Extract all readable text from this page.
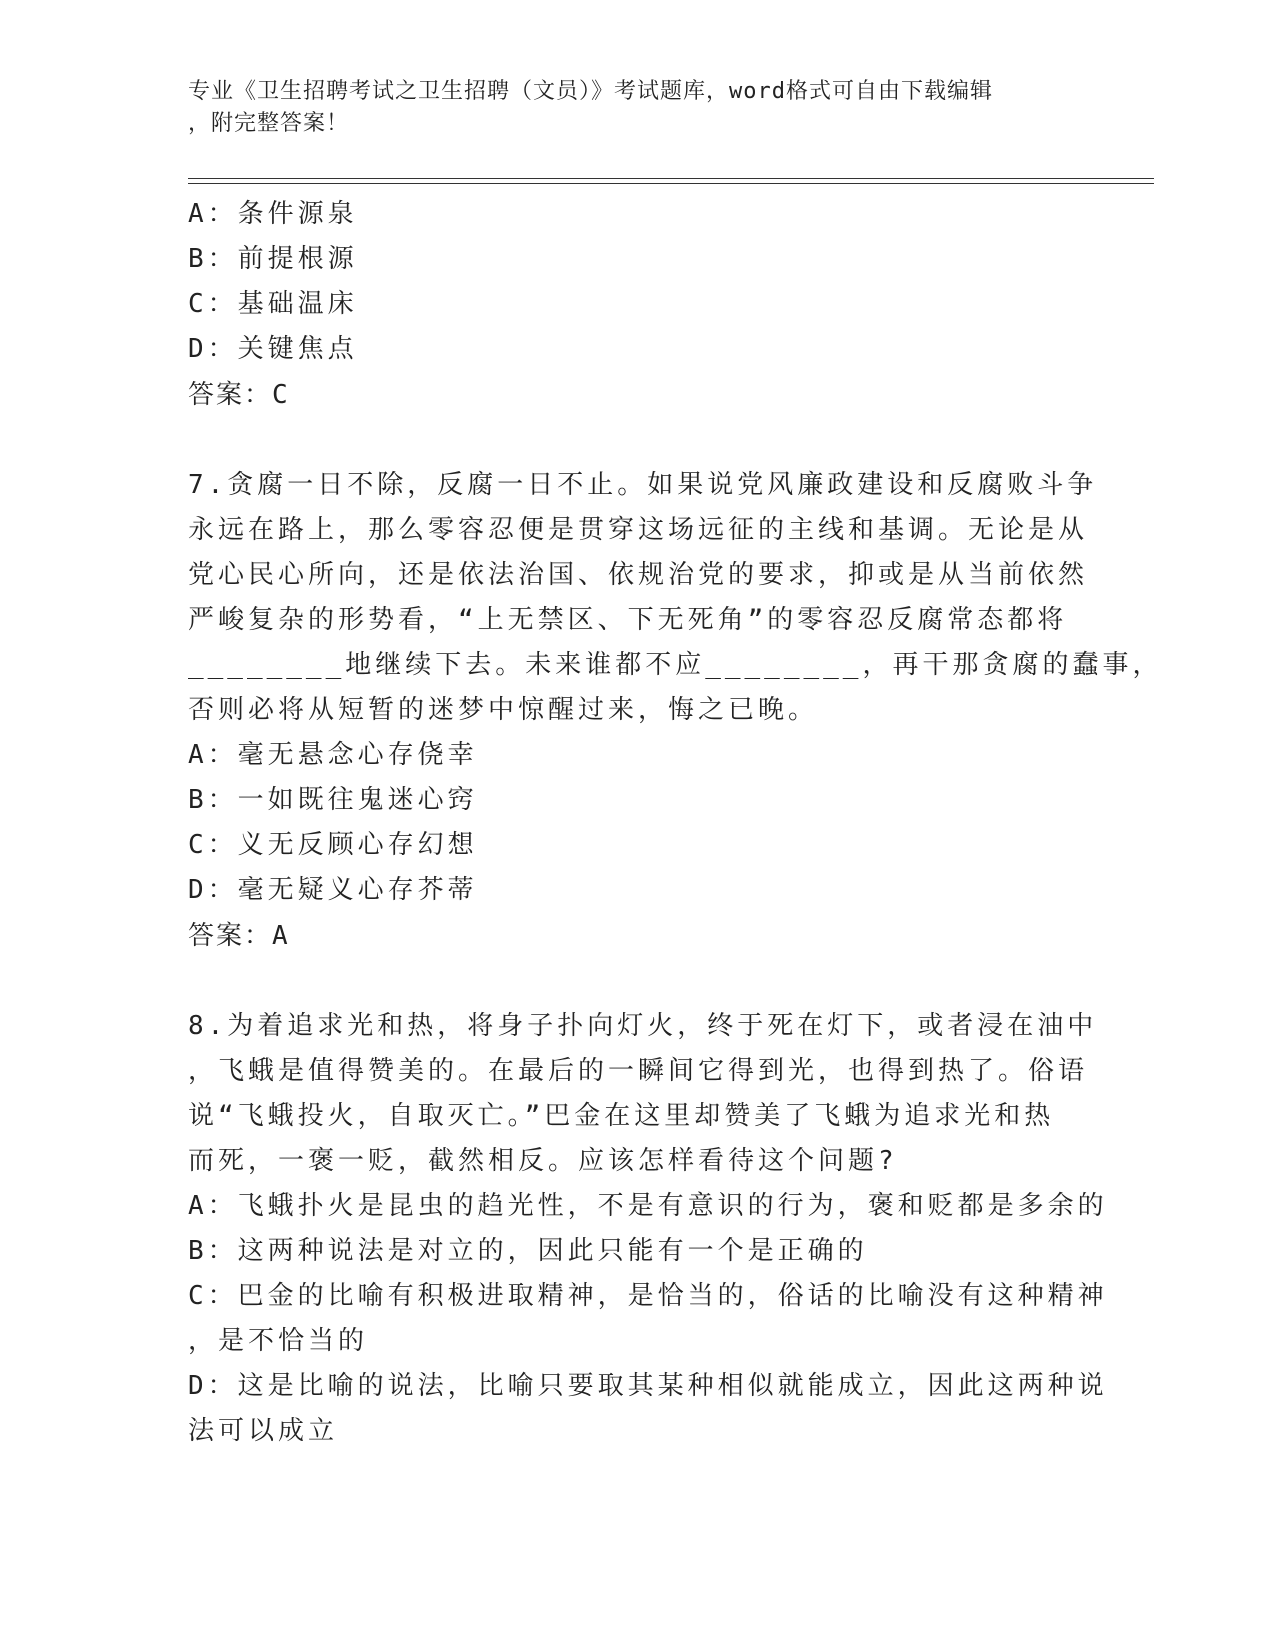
专业《卫生招聘考试之卫生招聘（文员）》考试题库，word格式可自由下载编辑
，附完整答案！
A：条件源泉
B：前提根源
C：基础温床
D：关键焦点
答案：C
7.贪腐一日不除，反腐一日不止。如果说党风廉政建设和反腐败斗争
永远在路上，那么零容忍便是贯穿这场远征的主线和基调。无论是从
党心民心所向，还是依法治国、依规治党的要求，抑或是从当前依然
严峻复杂的形势看，“上无禁区、下无死角”的零容忍反腐常态都将
________地继续下去。未来谁都不应________，再干那贪腐的蠢事，
否则必将从短暂的迷梦中惊醒过来，悔之已晚。
A：毫无悬念心存侥幸
B：一如既往鬼迷心窍
C：义无反顾心存幻想
D：毫无疑义心存芥蒂
答案：A
8.为着追求光和热，将身子扑向灯火，终于死在灯下，或者浸在油中
，飞蛾是值得赞美的。在最后的一瞬间它得到光，也得到热了。俗语
说“飞蛾投火，自取灭亡。”巴金在这里却赞美了飞蛾为追求光和热
而死，一褒一贬，截然相反。应该怎样看待这个问题?
A：飞蛾扑火是昆虫的趋光性，不是有意识的行为，褒和贬都是多余的
B：这两种说法是对立的，因此只能有一个是正确的
C：巴金的比喻有积极进取精神，是恰当的，俗话的比喻没有这种精神
，是不恰当的
D：这是比喻的说法，比喻只要取其某种相似就能成立，因此这两种说
法可以成立
